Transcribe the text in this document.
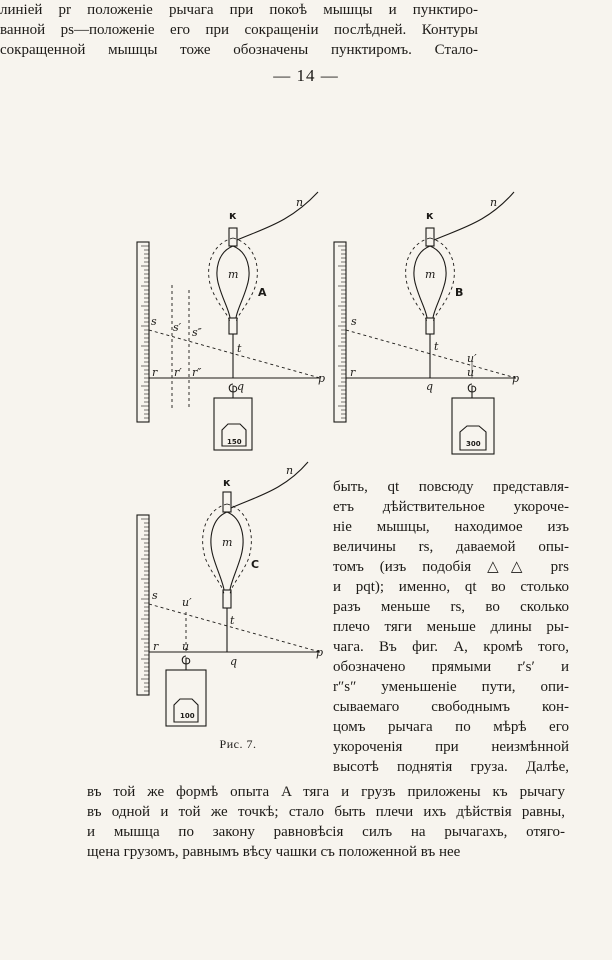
— 14 —

линіей pr положеніе рычага при покоѣ мышцы и пунктиро-

ванной ps—положеніе его при сокращеніи послѣдней. Контуры

сокращенной мышцы тоже обозначены пунктиромъ. Стало-

быть, qt повсюду представля-
етъ дѣйствительное укороче-
ніе мышцы, находимое изъ
величины rs, даваемой опы-
томъ (изъ подобія △△ prs
и pqt); именно, qt во столько
разъ меньше rs, во сколько
плечо тяги меньше длины ры-
чага. Въ фиг. A, кромѣ того,
обозначено прямыми r′s′ и
r″s″ уменьшеніе пути, опи-
сываемаго свободнымъ кон-
цомъ рычага по мѣрѣ его
укороченія при неизмѣнной
высотѣ поднятія груза. Далѣе,
въ той же формѣ опыта A тяга и грузъ приложены къ рычагу
въ одной и той же точкѣ; стало быть плечи ихъ дѣйствія равны,
и мышца по закону равновѣсія силъ на рычагахъ, отяго-
щена грузомъ, равнымъ вѣсу чашки съ положенной въ нее
150
к
n
m
A
s s′ s″
t
r r′ r″
q
p
300
к
n
m
B
s
t
u′
u
r
q
p
100
к
n
m
C
s
u′
t
r u
q
p
Рис. 7.
